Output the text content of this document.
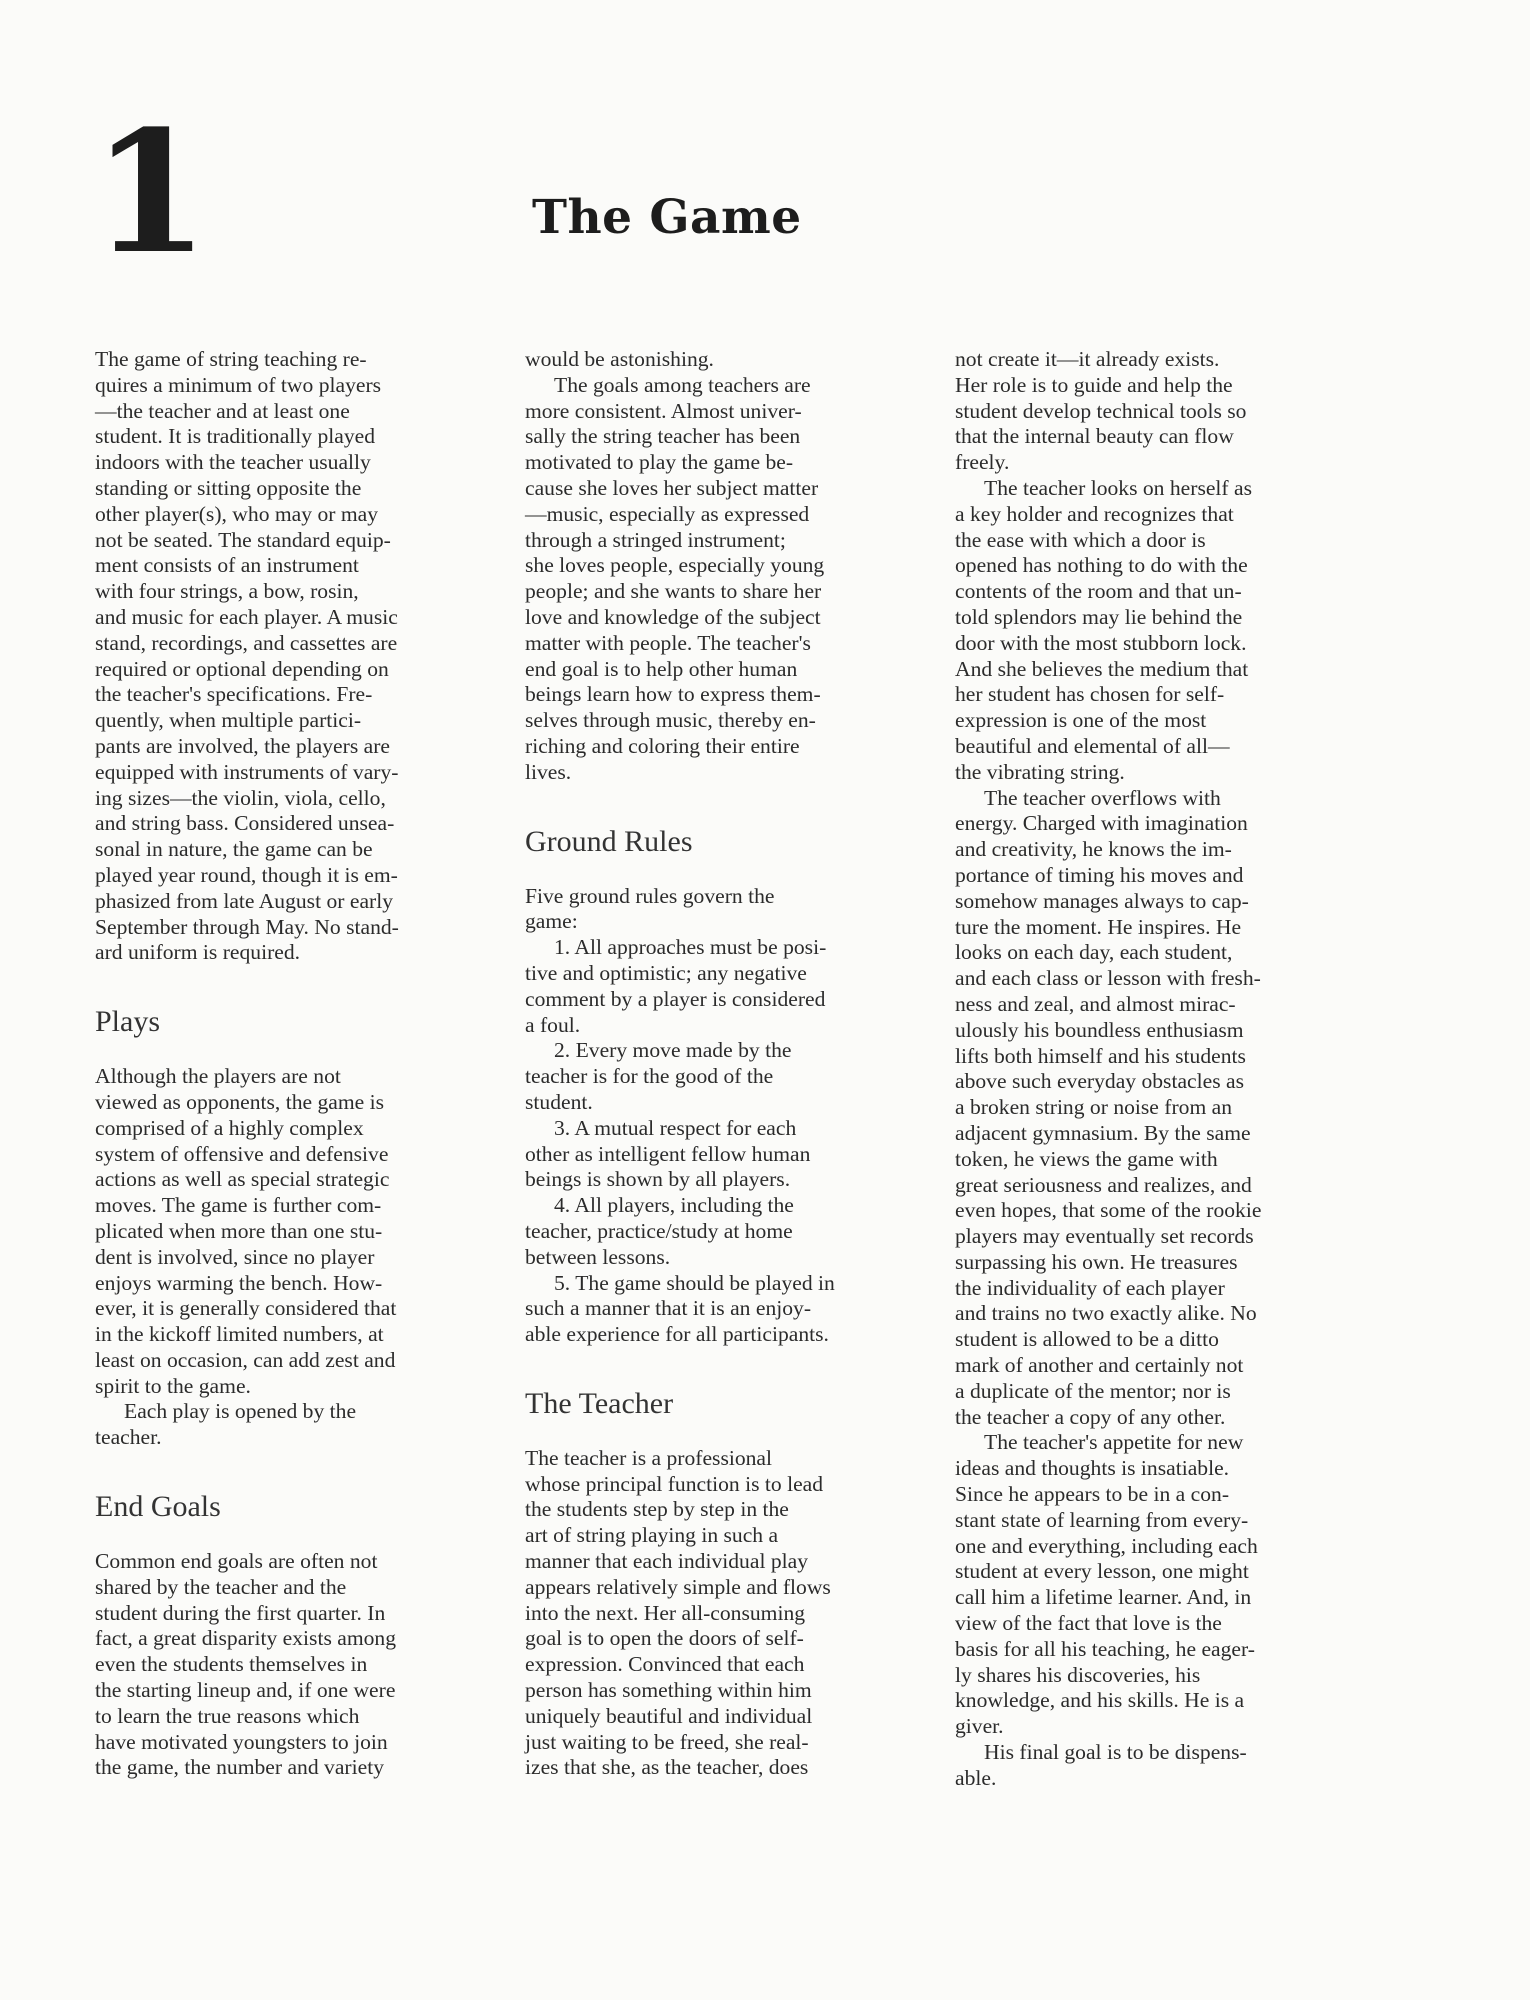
1	The Game
The game of string teaching re-
quires a minimum of two players
—the teacher and at least one
student. It is traditionally played
indoors with the teacher usually
standing or sitting opposite the
other player(s), who may or may
not be seated. The standard equip-
ment consists of an instrument
with four strings, a bow, rosin,
and music for each player. A music
stand, recordings, and cassettes are
required or optional depending on
the teacher's specifications. Fre-
quently, when multiple partici-
pants are involved, the players are
equipped with instruments of vary-
ing sizes—the violin, viola, cello,
and string bass. Considered unsea-
sonal in nature, the game can be
played year round, though it is em-
phasized from late August or early
September through May. No stand-
ard uniform is required.
Plays
Although the players are not
viewed as opponents, the game is
comprised of a highly complex
system of offensive and defensive
actions as well as special strategic
moves. The game is further com-
plicated when more than one stu-
dent is involved, since no player
enjoys warming the bench. How-
ever, it is generally considered that
in the kickoff limited numbers, at
least on occasion, can add zest and
spirit to the game.
Each play is opened by the
teacher.
End Goals
Common end goals are often not
shared by the teacher and the
student during the first quarter. In
fact, a great disparity exists among
even the students themselves in
the starting lineup and, if one were
to learn the true reasons which
have motivated youngsters to join
the game, the number and variety
would be astonishing.
The goals among teachers are
more consistent. Almost univer-
sally the string teacher has been
motivated to play the game be-
cause she loves her subject matter
—music, especially as expressed
through a stringed instrument;
she loves people, especially young
people; and she wants to share her
love and knowledge of the subject
matter with people. The teacher's
end goal is to help other human
beings learn how to express them-
selves through music, thereby en-
riching and coloring their entire
lives.
Ground Rules
Five ground rules govern the
game:
1. All approaches must be posi-
tive and optimistic; any negative
comment by a player is considered
a foul.
2. Every move made by the
teacher is for the good of the
student.
3. A mutual respect for each
other as intelligent fellow human
beings is shown by all players.
4. All players, including the
teacher, practice/study at home
between lessons.
5. The game should be played in
such a manner that it is an enjoy-
able experience for all participants.
The Teacher
The teacher is a professional
whose principal function is to lead
the students step by step in the
art of string playing in such a
manner that each individual play
appears relatively simple and flows
into the next. Her all-consuming
goal is to open the doors of self-
expression. Convinced that each
person has something within him
uniquely beautiful and individual
just waiting to be freed, she real-
izes that she, as the teacher, does
not create it—it already exists.
Her role is to guide and help the
student develop technical tools so
that the internal beauty can flow
freely.
The teacher looks on herself as
a key holder and recognizes that
the ease with which a door is
opened has nothing to do with the
contents of the room and that un-
told splendors may lie behind the
door with the most stubborn lock.
And she believes the medium that
her student has chosen for self-
expression is one of the most
beautiful and elemental of all—
the vibrating string.
The teacher overflows with
energy. Charged with imagination
and creativity, he knows the im-
portance of timing his moves and
somehow manages always to cap-
ture the moment. He inspires. He
looks on each day, each student,
and each class or lesson with fresh-
ness and zeal, and almost mirac-
ulously his boundless enthusiasm
lifts both himself and his students
above such everyday obstacles as
a broken string or noise from an
adjacent gymnasium. By the same
token, he views the game with
great seriousness and realizes, and
even hopes, that some of the rookie
players may eventually set records
surpassing his own. He treasures
the individuality of each player
and trains no two exactly alike. No
student is allowed to be a ditto
mark of another and certainly not
a duplicate of the mentor; nor is
the teacher a copy of any other.
The teacher's appetite for new
ideas and thoughts is insatiable.
Since he appears to be in a con-
stant state of learning from every-
one and everything, including each
student at every lesson, one might
call him a lifetime learner. And, in
view of the fact that love is the
basis for all his teaching, he eager-
ly shares his discoveries, his
knowledge, and his skills. He is a
giver.
His final goal is to be dispens-
able.
